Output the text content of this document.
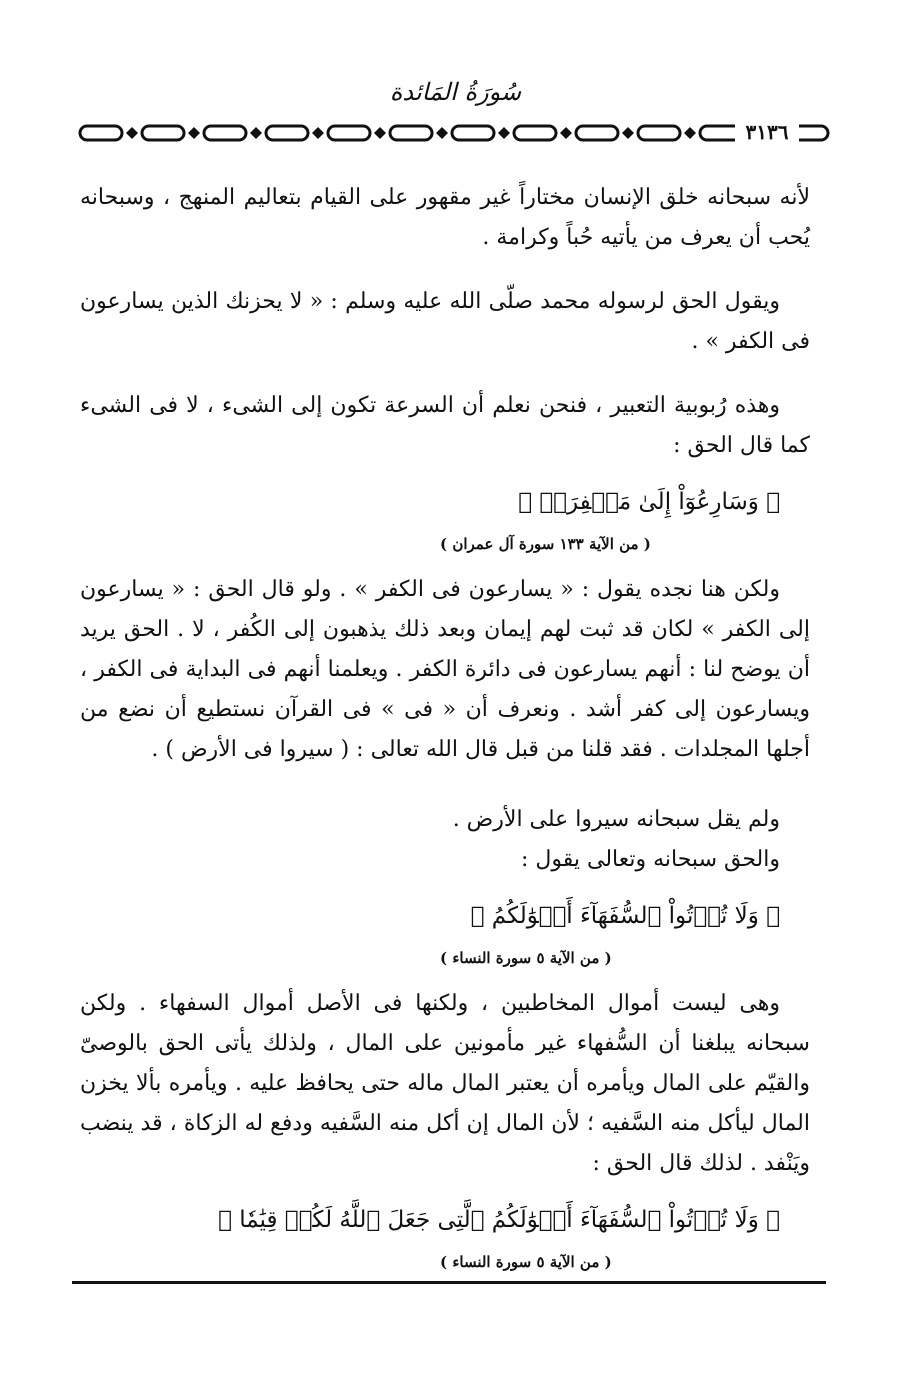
سُورَةُ المَائدة
٣١٣٦

لأنه سبحانه خلق الإنسان مختاراً غير مقهور على القيام بتعاليم المنهج ، وسبحانه يُحب أن يعرف من يأتيه حُباً وكرامة .

ويقول الحق لرسوله محمد صلّى الله عليه وسلم : « لا يحزنك الذين يسارعون فى الكفر » .

وهذه رُبوبية التعبير ، فنحن نعلم أن السرعة تكون إلى الشىء ، لا فى الشىء كما قال الحق :

﴿ وَسَارِعُوٓاْ إِلَىٰ مَغۡفِرَةٖ ﴾

( من الآية ١٣٣ سورة آل عمران )

ولكن هنا نجده يقول : « يسارعون فى الكفر » . ولو قال الحق : « يسارعون إلى الكفر » لكان قد ثبت لهم إيمان وبعد ذلك يذهبون إلى الكُفر ، لا . الحق يريد أن يوضح لنا : أنهم يسارعون فى دائرة الكفر . ويعلمنا أنهم فى البداية فى الكفر ، ويسارعون إلى كفر أشد . ونعرف أن « فى » فى القرآن نستطيع أن نضع من أجلها المجلدات . فقد قلنا من قبل قال الله تعالى : ( سيروا فى الأرض ) .

ولم يقل سبحانه سيروا على الأرض .

والحق سبحانه وتعالى يقول :

﴿ وَلَا تُؤۡتُواْ ٱلسُّفَهَآءَ أَمۡوَٰلَكُمُ ﴾

( من الآية ٥ سورة النساء )

وهى ليست أموال المخاطبين ، ولكنها فى الأصل أموال السفهاء . ولكن سبحانه يبلغنا أن السُّفهاء غير مأمونين على المال ، ولذلك يأتى الحق بالوصىّ والقيّم على المال ويأمره أن يعتبر المال ماله حتى يحافظ عليه . ويأمره بألا يخزن المال ليأكل منه السَّفيه ؛ لأن المال إن أكل منه السَّفيه ودفع له الزكاة ، قد ينضب ويَنْفد . لذلك قال الحق :

﴿ وَلَا تُؤۡتُواْ ٱلسُّفَهَآءَ أَمۡوَٰلَكُمُ ٱلَّتِى جَعَلَ ٱللَّهُ لَكُمۡ قِيَٰمٗا ﴾

( من الآية ٥ سورة النساء )
